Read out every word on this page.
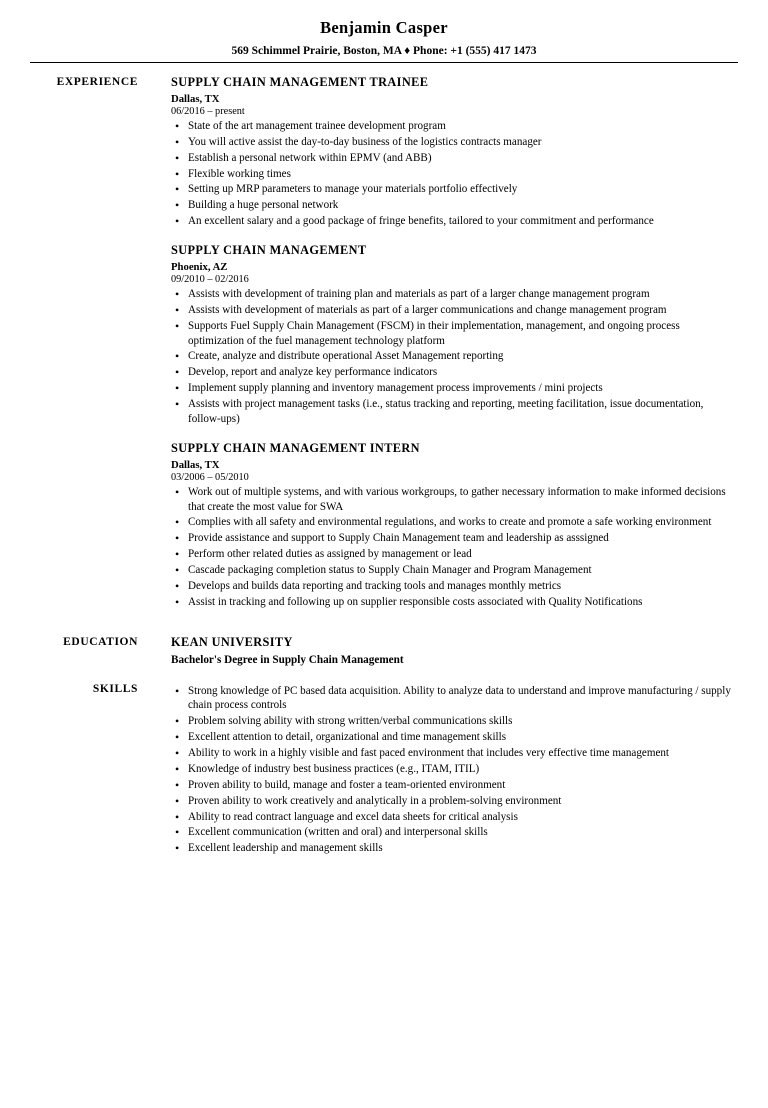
Benjamin Casper
569 Schimmel Prairie, Boston, MA ♦ Phone: +1 (555) 417 1473
EXPERIENCE	SUPPLY CHAIN MANAGEMENT TRAINEE
Dallas, TX
06/2016 – present
• State of the art management trainee development program
• You will active assist the day-to-day business of the logistics contracts manager
• Establish a personal network within EPMV (and ABB)
• Flexible working times
• Setting up MRP parameters to manage your materials portfolio effectively
• Building a huge personal network
• An excellent salary and a good package of fringe benefits, tailored to your commitment and performance
SUPPLY CHAIN MANAGEMENT
Phoenix, AZ
09/2010 – 02/2016
• Assists with development of training plan and materials as part of a larger change management program
• Assists with development of materials as part of a larger communications and change management program
• Supports Fuel Supply Chain Management (FSCM) in their implementation, management, and ongoing process optimization of the fuel management technology platform
• Create, analyze and distribute operational Asset Management reporting
• Develop, report and analyze key performance indicators
• Implement supply planning and inventory management process improvements / mini projects
• Assists with project management tasks (i.e., status tracking and reporting, meeting facilitation, issue documentation, follow-ups)
SUPPLY CHAIN MANAGEMENT INTERN
Dallas, TX
03/2006 – 05/2010
• Work out of multiple systems, and with various workgroups, to gather necessary information to make informed decisions that create the most value for SWA
• Complies with all safety and environmental regulations, and works to create and promote a safe working environment
• Provide assistance and support to Supply Chain Management team and leadership as asssigned
• Perform other related duties as assigned by management or lead
• Cascade packaging completion status to Supply Chain Manager and Program Management
• Develops and builds data reporting and tracking tools and manages monthly metrics
• Assist in tracking and following up on supplier responsible costs associated with Quality Notifications
EDUCATION	KEAN UNIVERSITY
Bachelor's Degree in Supply Chain Management
SKILLS	• Strong knowledge of PC based data acquisition. Ability to analyze data to understand and improve manufacturing / supply chain process controls
• Problem solving ability with strong written/verbal communications skills
• Excellent attention to detail, organizational and time management skills
• Ability to work in a highly visible and fast paced environment that includes very effective time management
• Knowledge of industry best business practices (e.g., ITAM, ITIL)
• Proven ability to build, manage and foster a team-oriented environment
• Proven ability to work creatively and analytically in a problem-solving environment
• Ability to read contract language and excel data sheets for critical analysis
• Excellent communication (written and oral) and interpersonal skills
• Excellent leadership and management skills
